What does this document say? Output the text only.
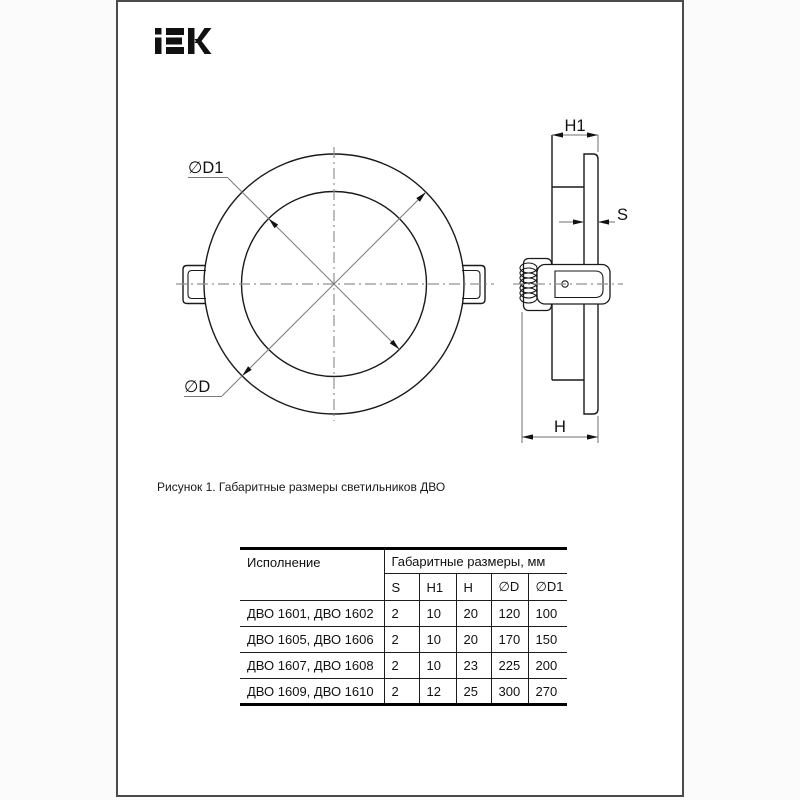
∅D1
∅D
H1
S
H
Рисунок 1. Габаритные размеры светильников ДВО
Исполнение	Габаритные размеры, мм				
	S	H1	H	∅D	∅D1
ДВО 1601, ДВО 1602	2	10	20	120	100
ДВО 1605, ДВО 1606	2	10	20	170	150
ДВО 1607, ДВО 1608	2	10	23	225	200
ДВО 1609, ДВО 1610	2	12	25	300	270
